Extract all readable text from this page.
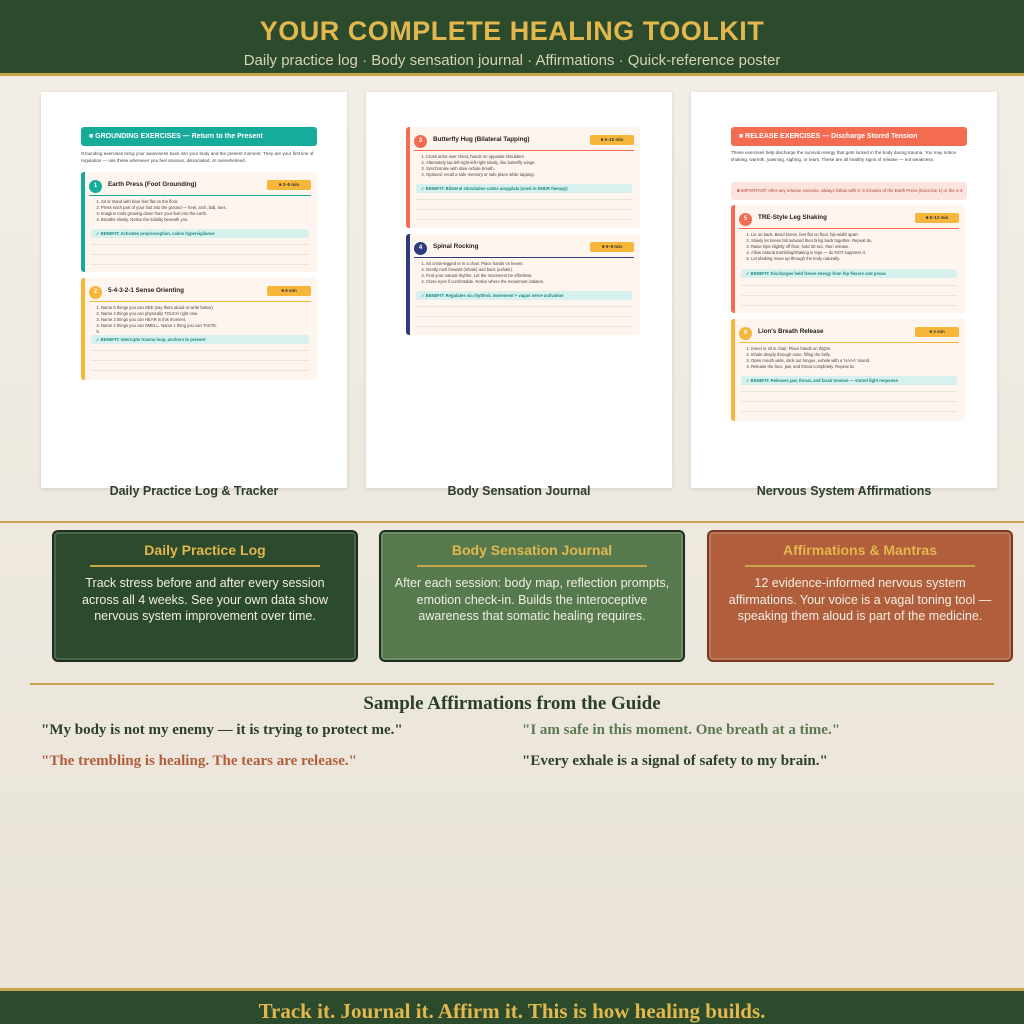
YOUR COMPLETE HEALING TOOLKIT
Daily practice log · Body sensation journal · Affirmations · Quick-reference poster
■ GROUNDING EXERCISES — Return to the Present
Grounding exercises bring your awareness back into your body and the present moment. They are your first line of regulation — use these whenever you feel anxious, dissociated, or overwhelmed.
1	Earth Press (Foot Grounding)	■ 3–5 min
1. Sit or stand with bare feet flat on the floor.
2. Press each part of your foot into the ground — heel, arch, ball, toes.
3. Imagine roots growing down from your feet into the earth.
4. Breathe slowly. Notice the solidity beneath you.
✓ BENEFIT: Activates proprioception, calms hypervigilance
2	5-4-3-2-1 Sense Orienting	■ 5 min
1. Name 5 things you can SEE (say them aloud or write below).
2. Name 4 things you can physically TOUCH right now.
3. Name 3 things you can HEAR in this moment.
4. Name 2 things you can SMELL. Name 1 thing you can TASTE.
5.
✓ BENEFIT: Interrupts trauma loop, anchors to present
Daily Practice Log & Tracker
3	Butterfly Hug (Bilateral Tapping)	■ 5–10 min
1. Cross arms over chest, hands on opposite shoulders.
2. Alternately tap left-right-left-right slowly, like butterfly wings.
3. Synchronise with slow exhale breath.
4. Optional: recall a safe memory or safe place while tapping.
✓ BENEFIT: Bilateral stimulation calms amygdala (used in EMDR therapy)
4	Spinal Rocking	■ 5–8 min
1. Sit cross-legged or in a chair. Place hands on knees.
2. Gently rock forward (inhale) and back (exhale).
3. Find your natural rhythm. Let the movement be effortless.
4. Close eyes if comfortable. Notice where the movement initiates.
✓ BENEFIT: Regulates via rhythmic movement + vagus nerve activation
Body Sensation Journal
■ RELEASE EXERCISES — Discharge Stored Tension
These exercises help discharge the survival energy that gets locked in the body during trauma. You may notice shaking, warmth, yawning, sighing, or tears. These are all healthy signs of release — not weakness.
■ IMPORTANT: After any release exercise, always follow with 2–3 minutes of the Earth Press (Exercise 1) or the 4-4-
5	TRE-Style Leg Shaking	■ 8–12 min
1. Lie on back. Bend knees, feet flat on floor, hip-width apart.
2. Slowly let knees fall outward then bring back together. Repeat 8x.
3. Raise hips slightly off floor, hold 30 sec, then release.
4. Allow natural trembling/shaking in legs — do NOT suppress it.
5. Let shaking move up through the body naturally.
✓ BENEFIT: Discharges held freeze energy from hip flexors and psoas
6	Lion's Breath Release	■ 3 min
1. Kneel or sit in chair. Place hands on thighs.
2. Inhale deeply through nose, filling the belly.
3. Open mouth wide, stick out tongue, exhale with a 'HAAA' sound.
4. Release the face, jaw, and throat completely. Repeat 5x.
✓ BENEFIT: Releases jaw, throat, and facial tension — stored fight response
Nervous System Affirmations
Daily Practice Log
Track stress before and after every session across all 4 weeks. See your own data show nervous system improvement over time.
Body Sensation Journal
After each session: body map, reflection prompts, emotion check-in. Builds the interoceptive awareness that somatic healing requires.
Affirmations & Mantras
12 evidence-informed nervous system affirmations. Your voice is a vagal toning tool — speaking them aloud is part of the medicine.
Sample Affirmations from the Guide
"My body is not my enemy — it is trying to protect me."	"I am safe in this moment. One breath at a time."
"The trembling is healing. The tears are release."	"Every exhale is a signal of safety to my brain."
Track it. Journal it. Affirm it. This is how healing builds.
